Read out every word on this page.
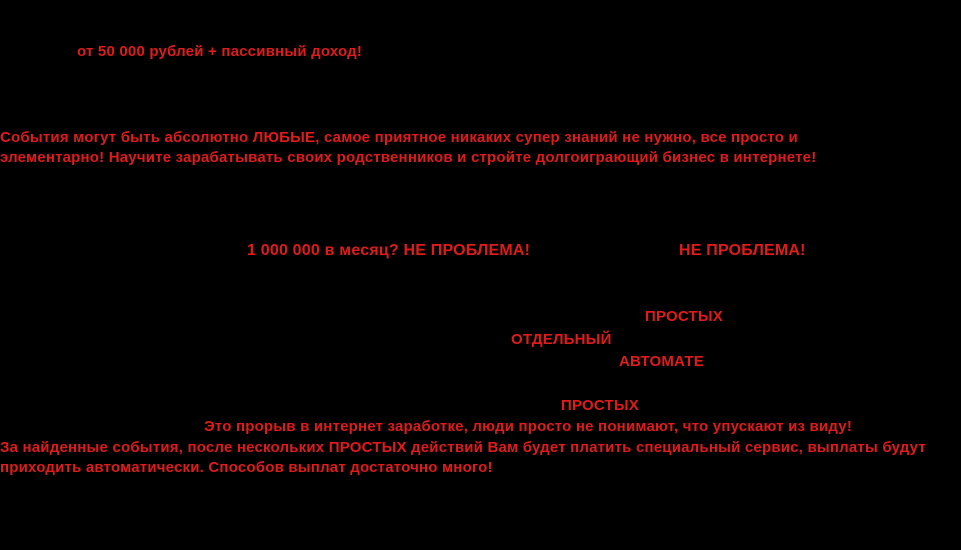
от 50 000 рублей + пассивный доход!
События могут быть абсолютно ЛЮБЫЕ, самое приятное никаких супер знаний не нужно, все просто и элементарно! Научите зарабатывать своих родственников и стройте долгоиграющий бизнес в интернете!
1 000 000 в месяц? НЕ ПРОБЛЕМА!	НЕ ПРОБЛЕМА!
ПРОСТЫХ
ОТДЕЛЬНЫЙ
АВТОМАТЕ
ПРОСТЫХ
Это прорыв в интернет заработке, люди просто не понимают, что упускают из виду!
За найденные события, после нескольких ПРОСТЫХ действий Вам будет платить специальный сервис, выплаты будут приходить автоматически. Способов выплат достаточно много!
